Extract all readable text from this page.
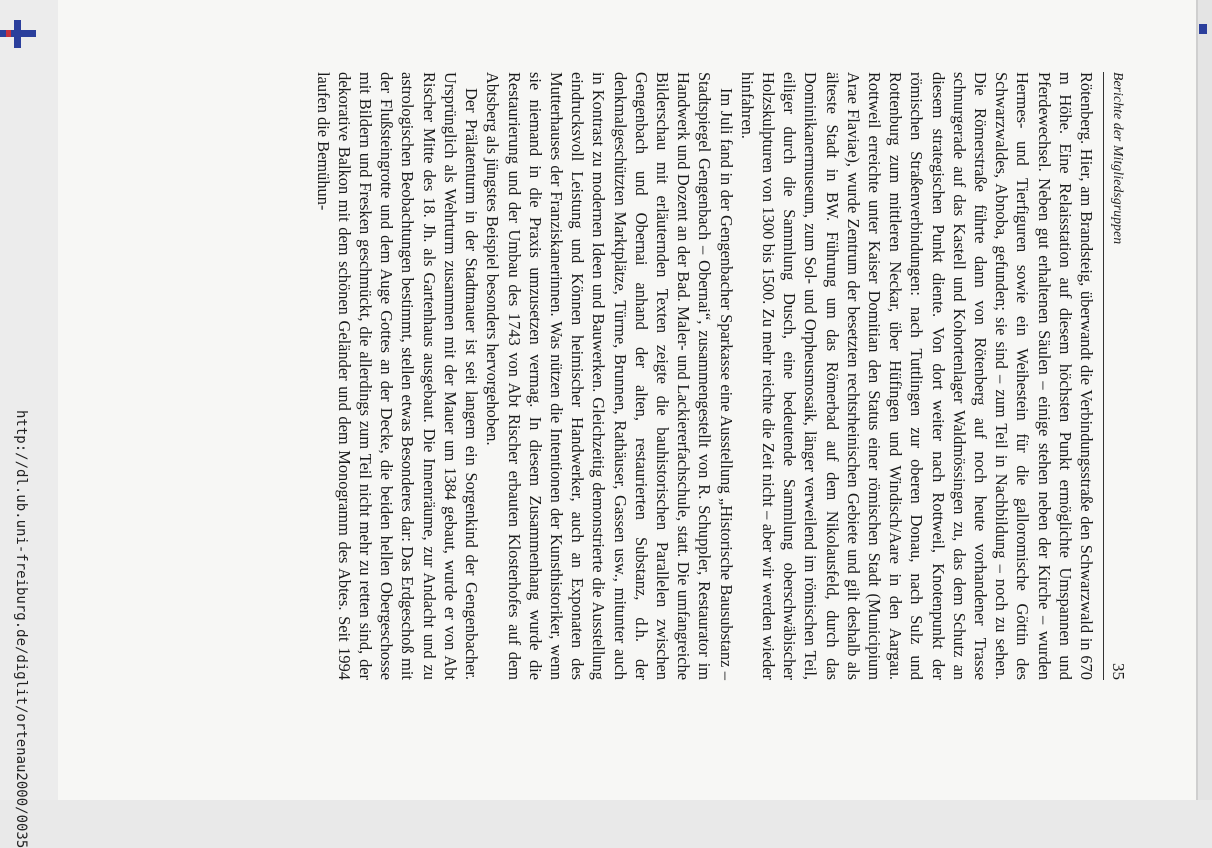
http://dl.ub.uni-freiburg.de/diglit/ortenau2000/0035
Berichte der Mitgliedsgruppen
35

Rötenberg. Hier, am Brandsteig, überwandt die Verbindungsstraße den Schwarzwald in 670 m Höhe. Eine Relaisstation auf diesem höchsten Punkt ermöglichte Umspannen und Pferdewechsel. Neben gut erhaltenen Säulen – einige stehen neben der Kirche – wurden Hermes- und Tierfiguren sowie ein Weihestein für die galloromische Göttin des Schwarzwaldes, Abnoba, gefunden; sie sind – zum Teil in Nachbildung – noch zu sehen. Die Römerstraße führte dann von Rötenberg auf noch heute vorhandener Trasse schnurgerade auf das Kastell und Kohortenlager Waldmössingen zu, das dem Schutz an diesem strategischen Punkt diente. Von dort weiter nach Rottweil, Knotenpunkt der römischen Straßenverbindungen: nach Tuttlingen zur oberen Donau, nach Sulz und Rottenburg zum mittleren Neckar, über Hüfingen und Windisch/Aare in den Aargau. Rottweil erreichte unter Kaiser Domitian den Status einer römischen Stadt (Municipium Arae Flaviae), wurde Zentrum der besetzten rechtsrheinischen Gebiete und gilt deshalb als älteste Stadt in BW. Führung um das Römerbad auf dem Nikolausfeld, durch das Dominikanermuseum, zum Sol- und Orpheusmosaik, länger verweilend im römischen Teil, eiliger durch die Sammlung Dusch, eine bedeutende Sammlung oberschwäbischer Holzskulpturen von 1300 bis 1500. Zu mehr reichte die Zeit nicht – aber wir werden wieder hinfahren.

Im Juli fand in der Gengenbacher Sparkasse eine Ausstellung „Historische Bausubstanz – Stadtspiegel Gengenbach – Obernai“, zusammengestellt von R. Schuppler, Restaurator im Handwerk und Dozent an der Bad. Maler- und Lackiererfachschule, statt. Die umfangreiche Bilderschau mit erläuternden Texten zeigte die bauhistorischen Parallelen zwischen Gengenbach und Obernai anhand der alten, restaurierten Substanz, d.h. der denkmalgeschützten Marktplätze, Türme, Brunnen, Rathäuser, Gassen usw., mitunter auch in Kontrast zu modernen Ideen und Bauwerken. Gleichzeitig demonstrierte die Ausstellung eindrucksvoll Leistung und Können heimischer Handwerker, auch an Exponaten des Mutterhauses der Franziskanerinnen. Was nützen die Intentionen der Kunsthistoriker, wenn sie niemand in die Praxis umzusetzen vermag. In diesem Zusammenhang wurde die Restaurierung und der Umbau des 1743 von Abt Rischer erbauten Klosterhofes auf dem Abtsberg als jüngstes Beispiel besonders hervorgehoben.

Der Prälatenturm in der Stadtmauer ist seit langem ein Sorgenkind der Gengenbacher. Ursprünglich als Wehrturm zusammen mit der Mauer um 1384 gebaut, wurde er von Abt Rischer Mitte des 18. Jh. als Gartenhaus ausgebaut. Die Innenräume, zur Andacht und zu astrologischen Beobachtungen bestimmt, stellen etwas Besonderes dar: Das Erdgeschoß mit der Flußsteingrotte und dem Auge Gottes an der Decke, die beiden hellen Obergeschosse mit Bildern und Fresken geschmückt, die allerdings zum Teil nicht mehr zu retten sind, der dekorative Balkon mit dem schönen Geländer und dem Monogramm des Abtes. Seit 1994 laufen die Bemühun-
